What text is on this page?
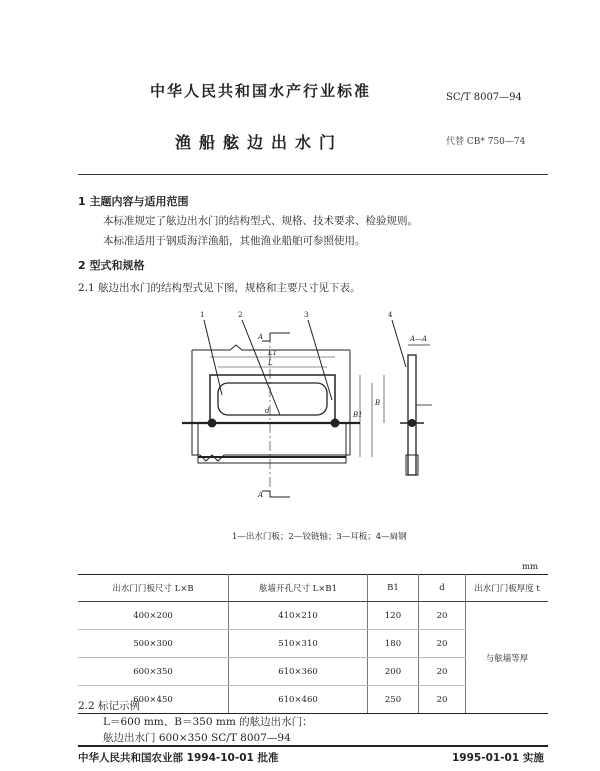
中华人民共和国水产行业标准	SC/T 8007—94
渔船舷边出水门	代替 CB* 750—74
1 主题内容与适用范围
本标准规定了舷边出水门的结构型式、规格、技术要求、检验规则。
本标准适用于钢质海洋渔船，其他渔业船舶可参照使用。
2 型式和规格
2.1 舷边出水门的结构型式见下图，规格和主要尺寸见下表。
1	2	3	4
A—A
A
A
L1
L
d	B1
B
1—出水门板；2—铰链轴；3—耳板；4—扁钢
mm
出水门门板尺寸 L×B	舷墙开孔尺寸 L×B1	B1	d	出水门门板厚度 t
400×200	410×210	120	20	与舷墙等厚
500×300	510×310	180	20	
600×350	610×360	200	20	
600×450	610×460	250	20	
2.2 标记示例
L＝600 mm、B＝350 mm 的舷边出水门：
舷边出水门 600×350 SC/T 8007—94
中华人民共和国农业部 1994-10-01 批准	1995-01-01 实施
